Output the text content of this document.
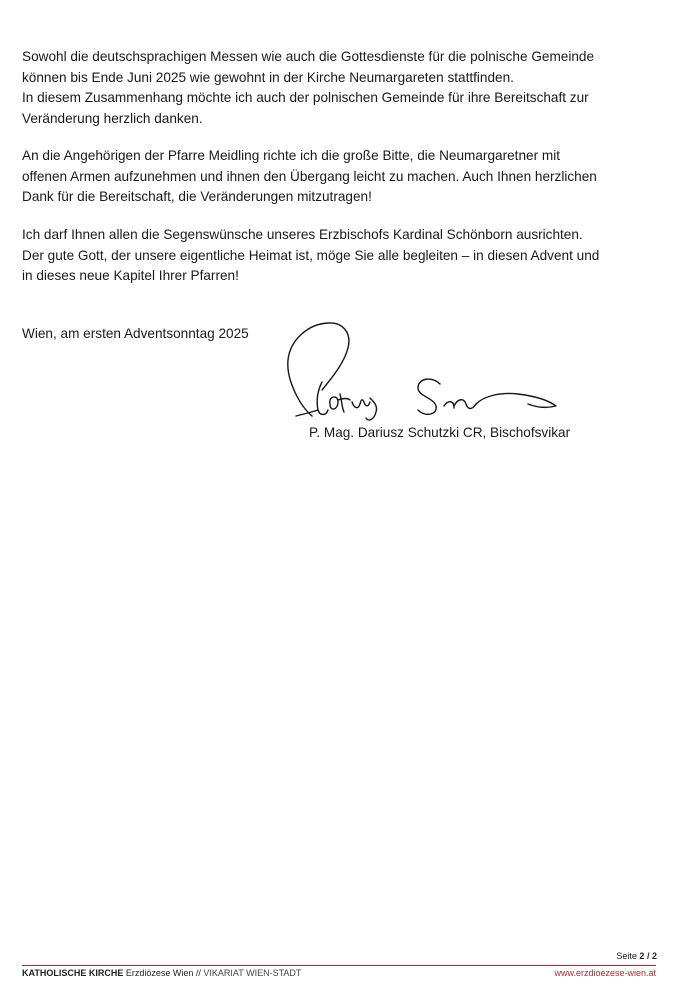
Sowohl die deutschsprachigen Messen wie auch die Gottesdienste für die polnische Gemeinde
können bis Ende Juni 2025 wie gewohnt in der Kirche Neumargareten stattfinden.
In diesem Zusammenhang möchte ich auch der polnischen Gemeinde für ihre Bereitschaft zur
Veränderung herzlich danken.
An die Angehörigen der Pfarre Meidling richte ich die große Bitte, die Neumargaretner mit
offenen Armen aufzunehmen und ihnen den Übergang leicht zu machen. Auch Ihnen herzlichen
Dank für die Bereitschaft, die Veränderungen mitzutragen!
Ich darf Ihnen allen die Segenswünsche unseres Erzbischofs Kardinal Schönborn ausrichten.
Der gute Gott, der unsere eigentliche Heimat ist, möge Sie alle begleiten – in diesen Advent und
in dieses neue Kapitel Ihrer Pfarren!
Wien, am ersten Adventsonntag 2025
P. Mag. Dariusz Schutzki CR, Bischofsvikar
Seite 2 / 2
KATHOLISCHE KIRCHE Erzdiözese Wien // VIKARIAT WIEN-STADT	www.erzdioezese-wien.at
